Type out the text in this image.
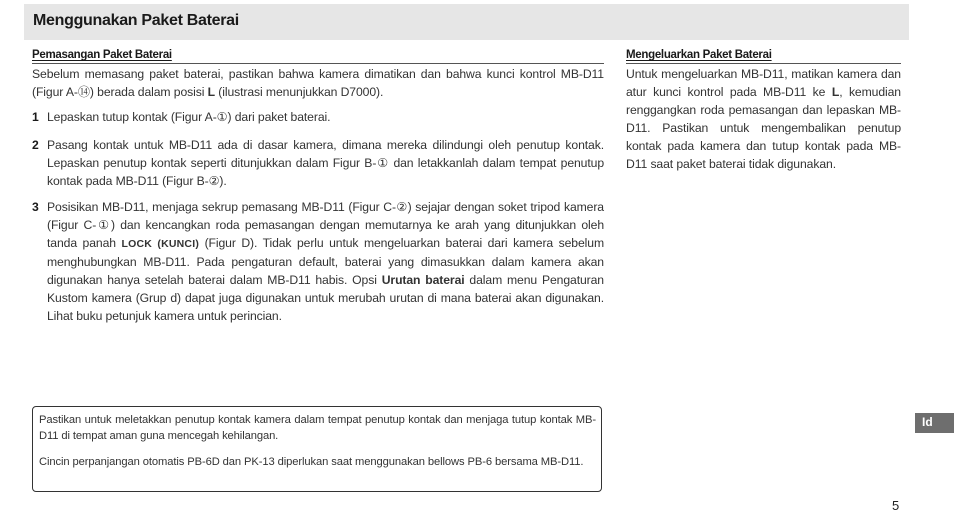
Menggunakan Paket Baterai
Pemasangan Paket Baterai
Sebelum memasang paket baterai, pastikan bahwa kamera dimatikan dan bahwa kunci kontrol MB-D11 (Figur A-⑭) berada dalam posisi L (ilustrasi menunjukkan D7000).
1 Lepaskan tutup kontak (Figur A-①) dari paket baterai.
2 Pasang kontak untuk MB-D11 ada di dasar kamera, dimana mereka dilindungi oleh penutup kontak. Lepaskan penutup kontak seperti ditunjukkan dalam Figur B-① dan letakkanlah dalam tempat penutup kontak pada MB-D11 (Figur B-②).
3 Posisikan MB-D11, menjaga sekrup pemasang MB-D11 (Figur C-②) sejajar dengan soket tripod kamera (Figur C-①) dan kencangkan roda pemasangan dengan memutarnya ke arah yang ditunjukkan oleh tanda panah LOCK (KUNCI) (Figur D). Tidak perlu untuk mengeluarkan baterai dari kamera sebelum menghubungkan MB-D11. Pada pengaturan default, baterai yang dimasukkan dalam kamera akan digunakan hanya setelah baterai dalam MB-D11 habis. Opsi Urutan baterai dalam menu Pengaturan Kustom kamera (Grup d) dapat juga digunakan untuk merubah urutan di mana baterai akan digunakan. Lihat buku petunjuk kamera untuk perincian.
Mengeluarkan Paket Baterai
Untuk mengeluarkan MB-D11, matikan kamera dan atur kunci kontrol pada MB-D11 ke L, kemudian renggangkan roda pemasangan dan lepaskan MB-D11. Pastikan untuk mengembalikan penutup kontak pada kamera dan tutup kontak pada MB-D11 saat paket baterai tidak digunakan.
Pastikan untuk meletakkan penutup kontak kamera dalam tempat penutup kontak dan menjaga tutup kontak MB-D11 di tempat aman guna mencegah kehilangan.
Cincin perpanjangan otomatis PB-6D dan PK-13 diperlukan saat menggunakan bellows PB-6 bersama MB-D11.
Id
5
